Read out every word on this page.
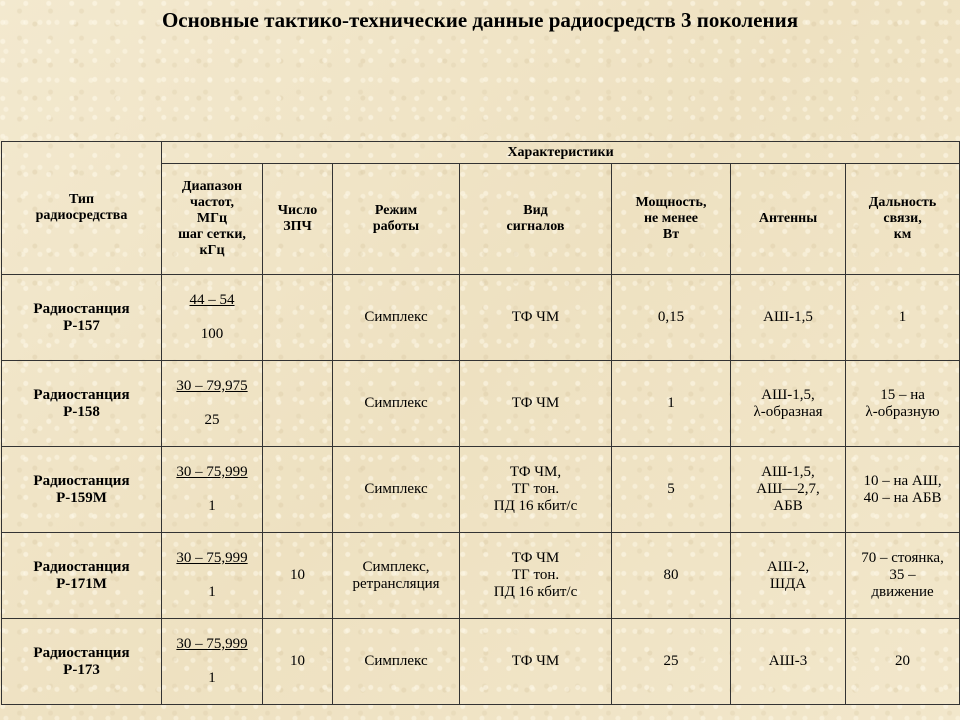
Основные тактико-технические данные радиосредств 3 поколения
Тип
радиосредства	Характеристики						
	Диапазон
частот,
МГц
шаг сетки,
кГц	Число
ЗПЧ	Режим
работы	Вид
сигналов	Мощность,
не менее
Вт	Антенны	Дальность
связи,
км
Радиостанция
Р-157	44 – 54

100		Симплекс	ТФ ЧМ	0,15	АШ-1,5	1
Радиостанция
Р-158	30 – 79,975

25		Симплекс	ТФ ЧМ	1	АШ-1,5,
λ-образная	15 – на
λ-образную
Радиостанция
Р-159М	30 – 75,999

1		Симплекс	ТФ ЧМ,
ТГ тон.
ПД 16 кбит/с	5	АШ-1,5,
АШ—2,7,
АБВ	10 – на АШ,
40 – на АБВ
Радиостанция
Р-171М	30 – 75,999

1	10	Симплекс,
ретрансляция	ТФ ЧМ
ТГ тон.
ПД 16 кбит/с	80	АШ-2,
ШДА	70 – стоянка,
35 –
движение
Радиостанция
Р-173	30 – 75,999

1	10	Симплекс	ТФ ЧМ	25	АШ-3	20
